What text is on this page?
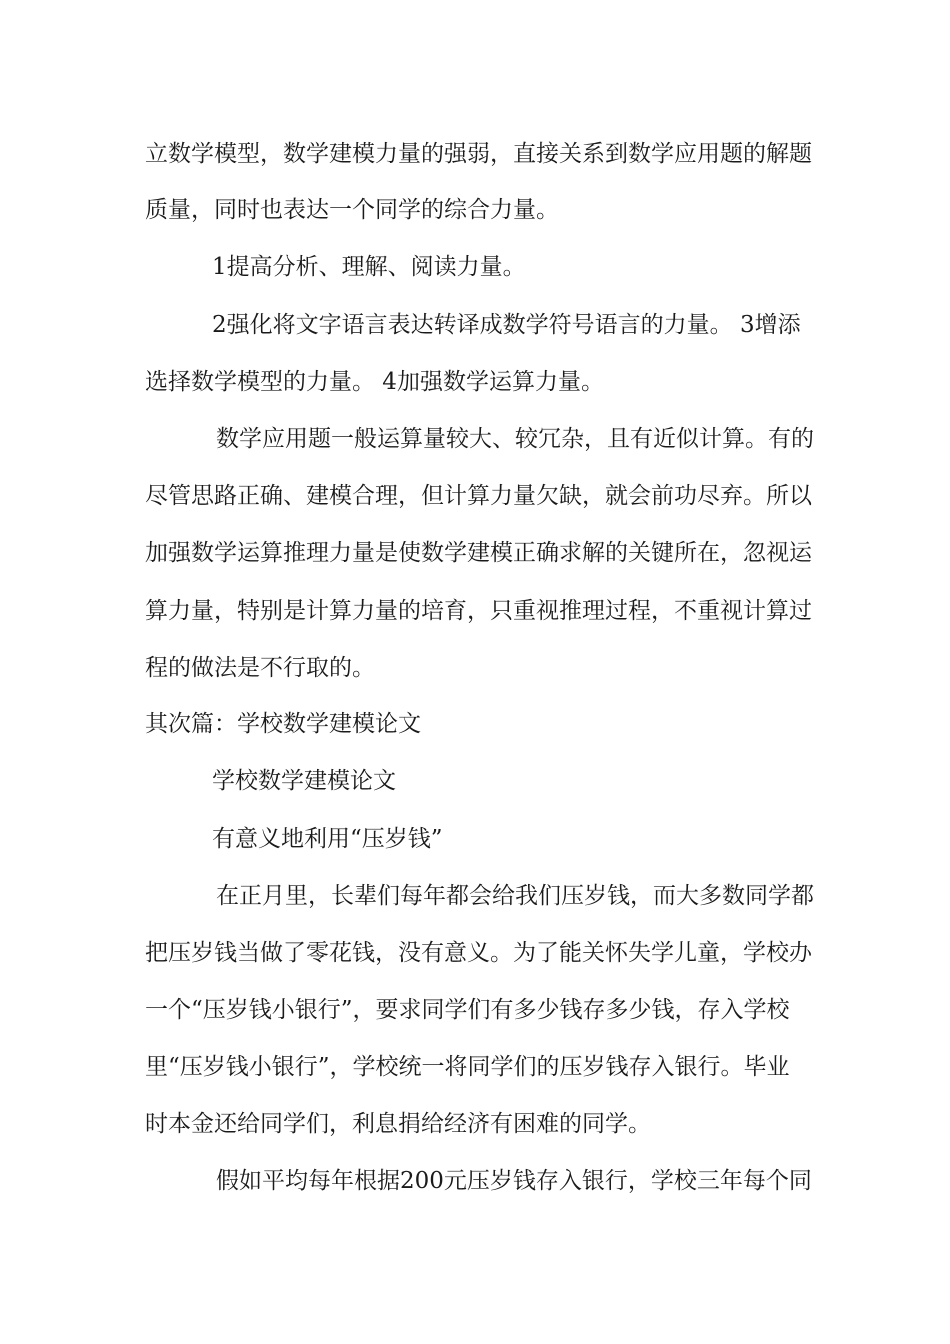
立数学模型，数学建模力量的强弱，直接关系到数学应用题的解题
质量，同时也表达一个同学的综合力量。
1提高分析、理解、阅读力量。
2强化将文字语言表达转译成数学符号语言的力量。 3增添
选择数学模型的力量。 4加强数学运算力量。
数学应用题一般运算量较大、较冗杂，且有近似计算。有的
尽管思路正确、建模合理，但计算力量欠缺，就会前功尽弃。所以
加强数学运算推理力量是使数学建模正确求解的关键所在，忽视运
算力量，特别是计算力量的培育，只重视推理过程，不重视计算过
程的做法是不行取的。
其次篇：学校数学建模论文
学校数学建模论文
有意义地利用“压岁钱”
在正月里，长辈们每年都会给我们压岁钱，而大多数同学都
把压岁钱当做了零花钱，没有意义。为了能关怀失学儿童，学校办
一个“压岁钱小银行”，要求同学们有多少钱存多少钱，存入学校
里“压岁钱小银行”，学校统一将同学们的压岁钱存入银行。毕业
时本金还给同学们，利息捐给经济有困难的同学。
假如平均每年根据200元压岁钱存入银行，学校三年每个同
